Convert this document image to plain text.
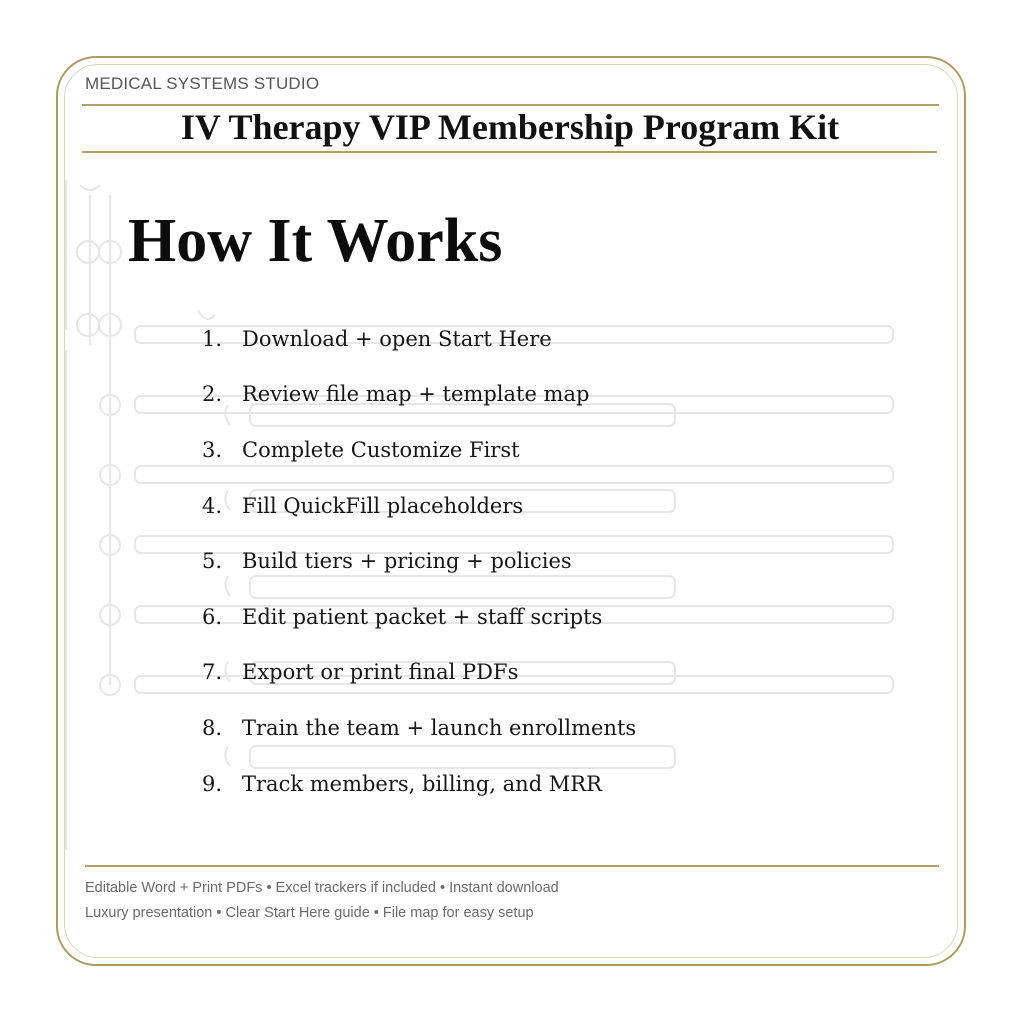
MEDICAL SYSTEMS STUDIO
IV Therapy VIP Membership Program Kit
How It Works
1. Download + open Start Here
2. Review file map + template map
3. Complete Customize First
4. Fill QuickFill placeholders
5. Build tiers + pricing + policies
6. Edit patient packet + staff scripts
7. Export or print final PDFs
8. Train the team + launch enrollments
9. Track members, billing, and MRR
Editable Word + Print PDFs • Excel trackers if included • Instant download
Luxury presentation • Clear Start Here guide • File map for easy setup
